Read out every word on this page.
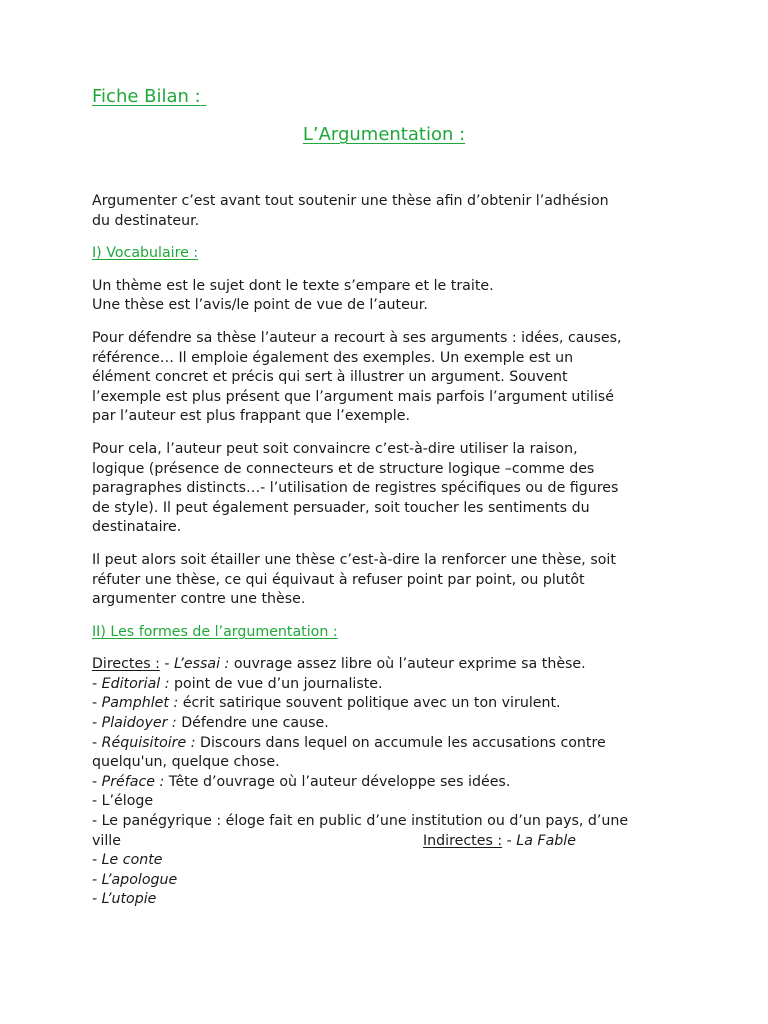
Fiche Bilan :
L’Argumentation :

Argumenter c’est avant tout soutenir une thèse afin d’obtenir l’adhésion
du destinateur.

I) Vocabulaire :

Un thème est le sujet dont le texte s’empare et le traite.
Une thèse est l’avis/le point de vue de l’auteur.

Pour défendre sa thèse l’auteur a recourt à ses arguments : idées, causes,
référence… Il emploie également des exemples. Un exemple est un
élément concret et précis qui sert à illustrer un argument. Souvent
l’exemple est plus présent que l’argument mais parfois l’argument utilisé
par l’auteur est plus frappant que l’exemple.

Pour cela, l’auteur peut soit convaincre c’est-à-dire utiliser la raison,
logique (présence de connecteurs et de structure logique –comme des
paragraphes distincts…- l’utilisation de registres spécifiques ou de figures
de style). Il peut également persuader, soit toucher les sentiments du
destinataire.

Il peut alors soit étailler une thèse c’est-à-dire la renforcer une thèse, soit
réfuter une thèse, ce qui équivaut à refuser point par point, ou plutôt
argumenter contre une thèse.

II) Les formes de l’argumentation :

Directes : - L’essai : ouvrage assez libre où l’auteur exprime sa thèse.
- Editorial : point de vue d’un journaliste.
- Pamphlet : écrit satirique souvent politique avec un ton virulent.
- Plaidoyer : Défendre une cause.
- Réquisitoire : Discours dans lequel on accumule les accusations contre
quelqu'un, quelque chose.
- Préface : Tête d’ouvrage où l’auteur développe ses idées.
- L’éloge
- Le panégyrique : éloge fait en public d’une institution ou d’un pays, d’une
ville	Indirectes : - La Fable
- Le conte
- L’apologue
- L’utopie
